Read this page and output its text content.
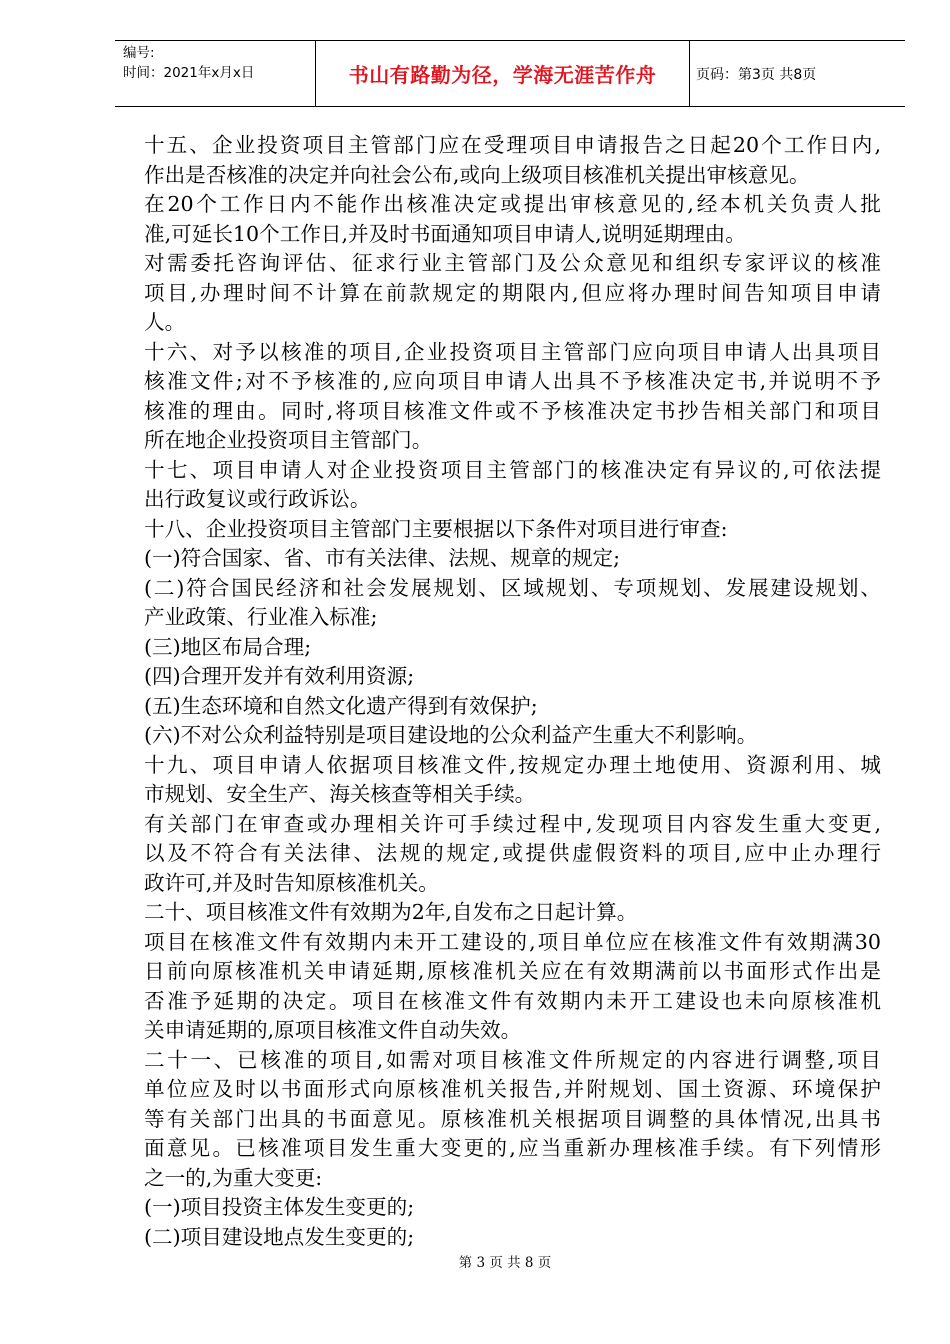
编号:
时间：2021年x月x日	书山有路勤为径，学海无涯苦作舟	页码：第3页 共8页
十五、企业投资项目主管部门应在受理项目申请报告之日起20个工作日内,
作出是否核准的决定并向社会公布,或向上级项目核准机关提出审核意见。
在20个工作日内不能作出核准决定或提出审核意见的,经本机关负责人批
准,可延长10个工作日,并及时书面通知项目申请人,说明延期理由。
对需委托咨询评估、征求行业主管部门及公众意见和组织专家评议的核准
项目,办理时间不计算在前款规定的期限内,但应将办理时间告知项目申请
人。
十六、对予以核准的项目,企业投资项目主管部门应向项目申请人出具项目
核准文件;对不予核准的,应向项目申请人出具不予核准决定书,并说明不予
核准的理由。同时,将项目核准文件或不予核准决定书抄告相关部门和项目
所在地企业投资项目主管部门。
十七、项目申请人对企业投资项目主管部门的核准决定有异议的,可依法提
出行政复议或行政诉讼。
十八、企业投资项目主管部门主要根据以下条件对项目进行审查:
(一)符合国家、省、市有关法律、法规、规章的规定;
(二)符合国民经济和社会发展规划、区域规划、专项规划、发展建设规划、
产业政策、行业准入标准;
(三)地区布局合理;
(四)合理开发并有效利用资源;
(五)生态环境和自然文化遗产得到有效保护;
(六)不对公众利益特别是项目建设地的公众利益产生重大不利影响。
十九、项目申请人依据项目核准文件,按规定办理土地使用、资源利用、城
市规划、安全生产、海关核查等相关手续。
有关部门在审查或办理相关许可手续过程中,发现项目内容发生重大变更,
以及不符合有关法律、法规的规定,或提供虚假资料的项目,应中止办理行
政许可,并及时告知原核准机关。
二十、项目核准文件有效期为2年,自发布之日起计算。
项目在核准文件有效期内未开工建设的,项目单位应在核准文件有效期满30
日前向原核准机关申请延期,原核准机关应在有效期满前以书面形式作出是
否准予延期的决定。项目在核准文件有效期内未开工建设也未向原核准机
关申请延期的,原项目核准文件自动失效。
二十一、已核准的项目,如需对项目核准文件所规定的内容进行调整,项目
单位应及时以书面形式向原核准机关报告,并附规划、国土资源、环境保护
等有关部门出具的书面意见。原核准机关根据项目调整的具体情况,出具书
面意见。已核准项目发生重大变更的,应当重新办理核准手续。有下列情形
之一的,为重大变更:
(一)项目投资主体发生变更的;
(二)项目建设地点发生变更的;
第 3 页 共 8 页
